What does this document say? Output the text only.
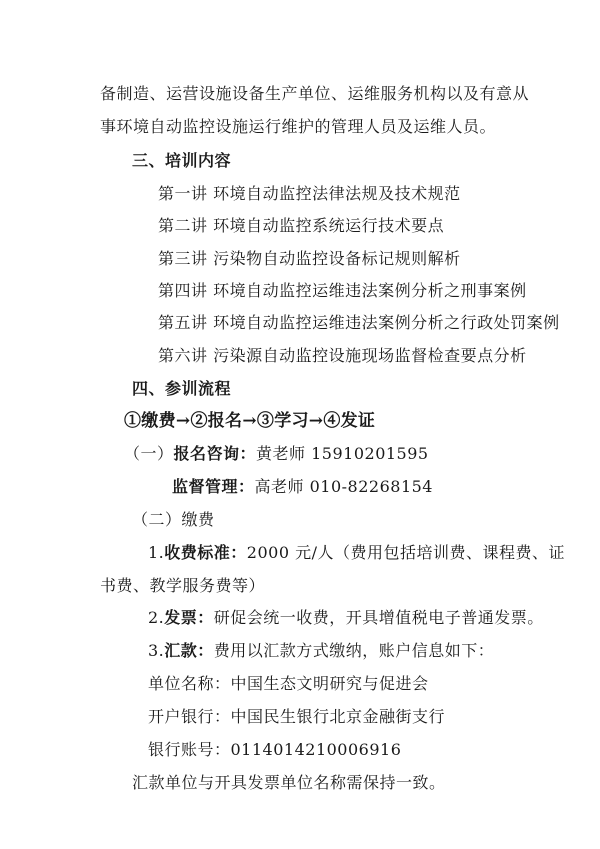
备制造、运营设施设备生产单位、运维服务机构以及有意从
事环境自动监控设施运行维护的管理人员及运维人员。
三、培训内容
第一讲 环境自动监控法律法规及技术规范
第二讲 环境自动监控系统运行技术要点
第三讲 污染物自动监控设备标记规则解析
第四讲 环境自动监控运维违法案例分析之刑事案例
第五讲 环境自动监控运维违法案例分析之行政处罚案例
第六讲 污染源自动监控设施现场监督检查要点分析
四、参训流程
①缴费→②报名→③学习→④发证
（一）报名咨询：黄老师 15910201595
监督管理：高老师 010-82268154
（二）缴费
1.收费标准：2000 元/人（费用包括培训费、课程费、证
书费、教学服务费等）
2.发票：研促会统一收费，开具增值税电子普通发票。
3.汇款：费用以汇款方式缴纳，账户信息如下：
单位名称：中国生态文明研究与促进会
开户银行：中国民生银行北京金融街支行
银行账号：0114014210006916
汇款单位与开具发票单位名称需保持一致。
